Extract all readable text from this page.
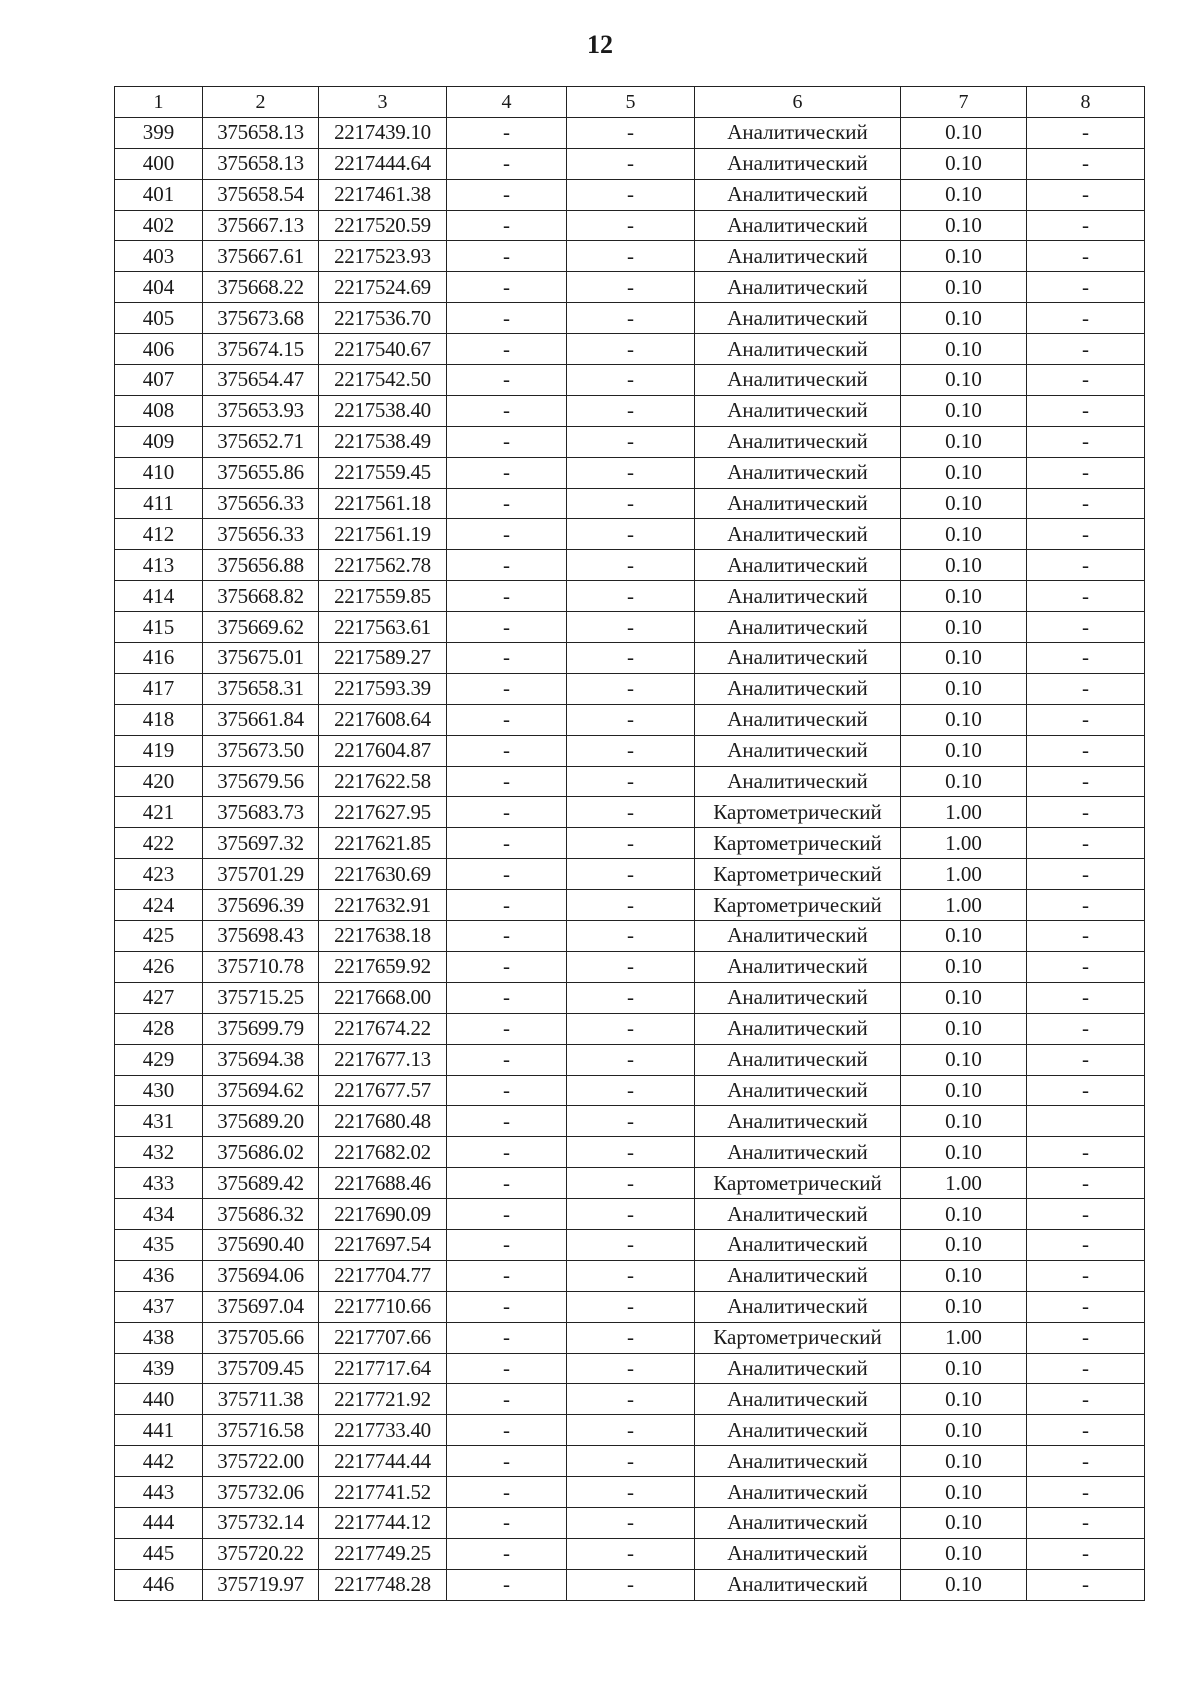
12
1	2	3	4	5	6	7	8
399	375658.13	2217439.10	-	-	Аналитический	0.10	-
400	375658.13	2217444.64	-	-	Аналитический	0.10	-
401	375658.54	2217461.38	-	-	Аналитический	0.10	-
402	375667.13	2217520.59	-	-	Аналитический	0.10	-
403	375667.61	2217523.93	-	-	Аналитический	0.10	-
404	375668.22	2217524.69	-	-	Аналитический	0.10	-
405	375673.68	2217536.70	-	-	Аналитический	0.10	-
406	375674.15	2217540.67	-	-	Аналитический	0.10	-
407	375654.47	2217542.50	-	-	Аналитический	0.10	-
408	375653.93	2217538.40	-	-	Аналитический	0.10	-
409	375652.71	2217538.49	-	-	Аналитический	0.10	-
410	375655.86	2217559.45	-	-	Аналитический	0.10	-
411	375656.33	2217561.18	-	-	Аналитический	0.10	-
412	375656.33	2217561.19	-	-	Аналитический	0.10	-
413	375656.88	2217562.78	-	-	Аналитический	0.10	-
414	375668.82	2217559.85	-	-	Аналитический	0.10	-
415	375669.62	2217563.61	-	-	Аналитический	0.10	-
416	375675.01	2217589.27	-	-	Аналитический	0.10	-
417	375658.31	2217593.39	-	-	Аналитический	0.10	-
418	375661.84	2217608.64	-	-	Аналитический	0.10	-
419	375673.50	2217604.87	-	-	Аналитический	0.10	-
420	375679.56	2217622.58	-	-	Аналитический	0.10	-
421	375683.73	2217627.95	-	-	Картометрический	1.00	-
422	375697.32	2217621.85	-	-	Картометрический	1.00	-
423	375701.29	2217630.69	-	-	Картометрический	1.00	-
424	375696.39	2217632.91	-	-	Картометрический	1.00	-
425	375698.43	2217638.18	-	-	Аналитический	0.10	-
426	375710.78	2217659.92	-	-	Аналитический	0.10	-
427	375715.25	2217668.00	-	-	Аналитический	0.10	-
428	375699.79	2217674.22	-	-	Аналитический	0.10	-
429	375694.38	2217677.13	-	-	Аналитический	0.10	-
430	375694.62	2217677.57	-	-	Аналитический	0.10	-
431	375689.20	2217680.48	-	-	Аналитический	0.10	
432	375686.02	2217682.02	-	-	Аналитический	0.10	-
433	375689.42	2217688.46	-	-	Картометрический	1.00	-
434	375686.32	2217690.09	-	-	Аналитический	0.10	-
435	375690.40	2217697.54	-	-	Аналитический	0.10	-
436	375694.06	2217704.77	-	-	Аналитический	0.10	-
437	375697.04	2217710.66	-	-	Аналитический	0.10	-
438	375705.66	2217707.66	-	-	Картометрический	1.00	-
439	375709.45	2217717.64	-	-	Аналитический	0.10	-
440	375711.38	2217721.92	-	-	Аналитический	0.10	-
441	375716.58	2217733.40	-	-	Аналитический	0.10	-
442	375722.00	2217744.44	-	-	Аналитический	0.10	-
443	375732.06	2217741.52	-	-	Аналитический	0.10	-
444	375732.14	2217744.12	-	-	Аналитический	0.10	-
445	375720.22	2217749.25	-	-	Аналитический	0.10	-
446	375719.97	2217748.28	-	-	Аналитический	0.10	-
